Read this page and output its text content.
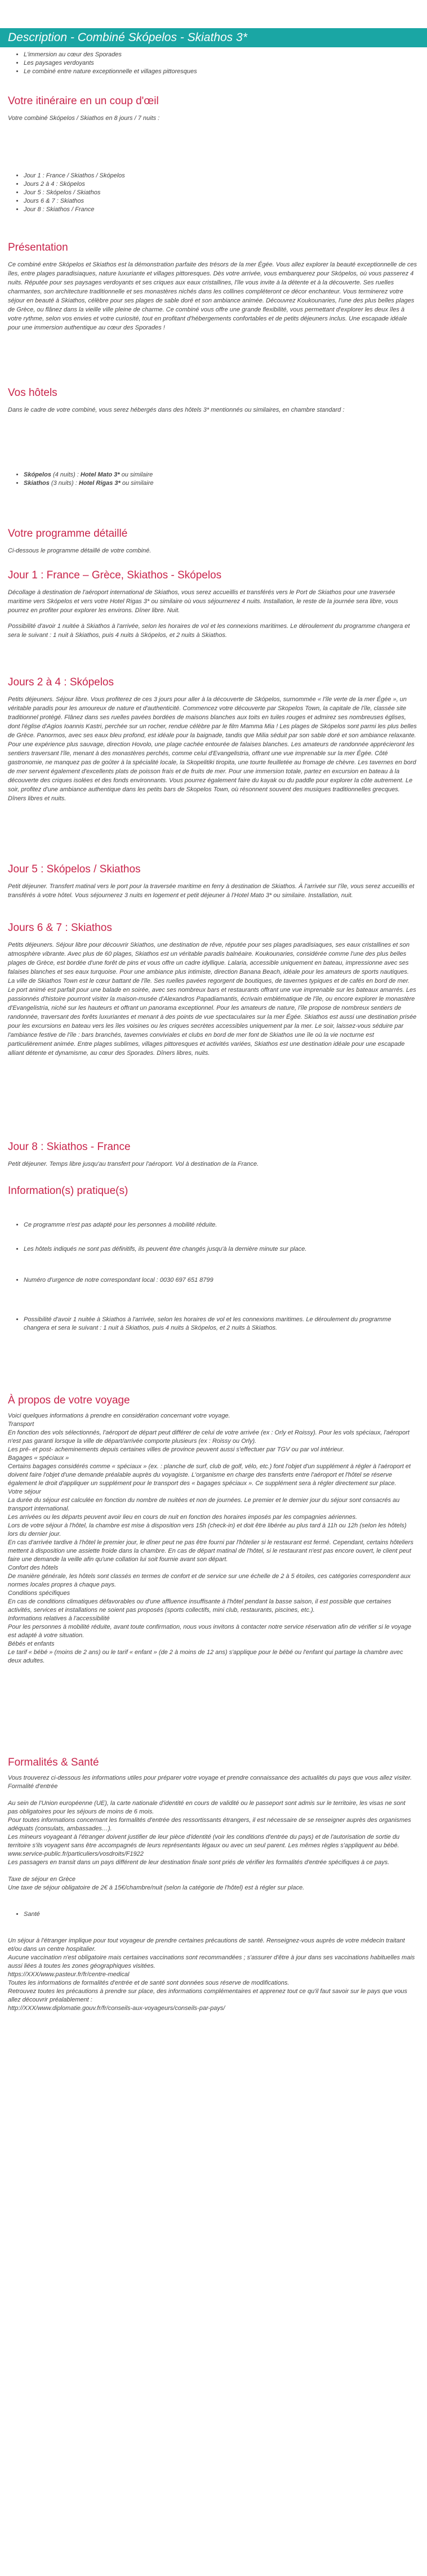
Description - Combiné Skópelos - Skiathos 3*
• L'immersion au cœur des Sporades
• Les paysages verdoyants
• Le combiné entre nature exceptionnelle et villages pittoresques
Votre itinéraire en un coup d'œil

Votre combiné Skópelos / Skiathos en 8 jours / 7 nuits :

• Jour 1 : France / Skiathos / Skópelos
• Jours 2 à 4 : Skópelos
• Jour 5 : Skópelos / Skiathos
• Jours 6 & 7 : Skiathos
• Jour 8 : Skiathos / France
Présentation

Ce combiné entre Skópelos et Skiathos est la démonstration parfaite des trésors de la mer Égée. Vous allez explorer la beauté exceptionnelle de ces îles, entre plages paradisiaques, nature luxuriante et villages pittoresques. Dès votre arrivée, vous embarquerez pour Skópelos, où vous passerez 4 nuits. Réputée pour ses paysages verdoyants et ses criques aux eaux cristallines, l'île vous invite à la détente et à la découverte. Ses ruelles charmantes, son architecture traditionnelle et ses monastères nichés dans les collines compléteront ce décor enchanteur. Vous terminerez votre séjour en beauté à Skiathos, célèbre pour ses plages de sable doré et son ambiance animée. Découvrez Koukounaries, l'une des plus belles plages de Grèce, ou flânez dans la vieille ville pleine de charme. Ce combiné vous offre une grande flexibilité, vous permettant d'explorer les deux îles à votre rythme, selon vos envies et votre curiosité, tout en profitant d'hébergements confortables et de petits déjeuners inclus. Une escapade idéale pour une immersion authentique au cœur des Sporades !

Vos hôtels

Dans le cadre de votre combiné, vous serez hébergés dans des hôtels 3* mentionnés ou similaires, en chambre standard :

• Skópelos (4 nuits) : Hotel Mato 3* ou similaire
• Skiathos (3 nuits) : Hotel Rigas 3* ou similaire
Votre programme détaillé

Ci-dessous le programme détaillé de votre combiné.

Jour 1 : France – Grèce, Skiathos - Skópelos

Décollage à destination de l'aéroport international de Skiathos, vous serez accueillis et transférés vers le Port de Skiathos pour une traversée maritime vers Skópelos et vers votre Hotel Rigas 3* ou similaire où vous séjournerez 4 nuits. Installation, le reste de la journée sera libre, vous pourrez en profiter pour explorer les environs. Dîner libre. Nuit.

Possibilité d'avoir 1 nuitée à Skiathos à l'arrivée, selon les horaires de vol et les connexions maritimes. Le déroulement du programme changera et sera le suivant : 1 nuit à Skiathos, puis 4 nuits à Skópelos, et 2 nuits à Skiathos.

Jours 2 à 4 : Skópelos

Petits déjeuners. Séjour libre. Vous profiterez de ces 3 jours pour aller à la découverte de Skópelos, surnommée « l'île verte de la mer Égée », un véritable paradis pour les amoureux de nature et d'authenticité. Commencez votre découverte par Skopelos Town, la capitale de l'île, classée site traditionnel protégé. Flânez dans ses ruelles pavées bordées de maisons blanches aux toits en tuiles rouges et admirez ses nombreuses églises, dont l'église d'Agios Ioannis Kastri, perchée sur un rocher, rendue célèbre par le film Mamma Mia ! Les plages de Skópelos sont parmi les plus belles de Grèce. Panormos, avec ses eaux bleu profond, est idéale pour la baignade, tandis que Milia séduit par son sable doré et son ambiance relaxante. Pour une expérience plus sauvage, direction Hovolo, une plage cachée entourée de falaises blanches. Les amateurs de randonnée apprécieront les sentiers traversant l'île, menant à des monastères perchés, comme celui d'Evangelistria, offrant une vue imprenable sur la mer Égée. Côté gastronomie, ne manquez pas de goûter à la spécialité locale, la Skopelitiki tiropita, une tourte feuilletée au fromage de chèvre. Les tavernes en bord de mer servent également d'excellents plats de poisson frais et de fruits de mer. Pour une immersion totale, partez en excursion en bateau à la découverte des criques isolées et des fonds environnants. Vous pourrez également faire du kayak ou du paddle pour explorer la côte autrement. Le soir, profitez d'une ambiance authentique dans les petits bars de Skopelos Town, où résonnent souvent des musiques traditionnelles grecques. Dîners libres et nuits.

Jour 5 : Skópelos / Skiathos

Petit déjeuner. Transfert matinal vers le port pour la traversée maritime en ferry à destination de Skiathos. À l'arrivée sur l'île, vous serez accueillis et transférés à votre hôtel. Vous séjournerez 3 nuits en logement et petit déjeuner à l'Hotel Mato 3* ou similaire. Installation, nuit.

Jours 6 & 7 : Skiathos

Petits déjeuners. Séjour libre pour découvrir Skiathos, une destination de rêve, réputée pour ses plages paradisiaques, ses eaux cristallines et son atmosphère vibrante. Avec plus de 60 plages, Skiathos est un véritable paradis balnéaire. Koukounaries, considérée comme l'une des plus belles plages de Grèce, est bordée d'une forêt de pins et vous offre un cadre idyllique. Lalaria, accessible uniquement en bateau, impressionne avec ses falaises blanches et ses eaux turquoise. Pour une ambiance plus intimiste, direction Banana Beach, idéale pour les amateurs de sports nautiques. La ville de Skiathos Town est le cœur battant de l'île. Ses ruelles pavées regorgent de boutiques, de tavernes typiques et de cafés en bord de mer. Le port animé est parfait pour une balade en soirée, avec ses nombreux bars et restaurants offrant une vue imprenable sur les bateaux amarrés. Les passionnés d'histoire pourront visiter la maison-musée d'Alexandros Papadiamantis, écrivain emblématique de l'île, ou encore explorer le monastère d'Evangelistria, niché sur les hauteurs et offrant un panorama exceptionnel. Pour les amateurs de nature, l'île propose de nombreux sentiers de randonnée, traversant des forêts luxuriantes et menant à des points de vue spectaculaires sur la mer Égée. Skiathos est aussi une destination prisée pour les excursions en bateau vers les îles voisines ou les criques secrètes accessibles uniquement par la mer. Le soir, laissez-vous séduire par l'ambiance festive de l'île : bars branchés, tavernes conviviales et clubs en bord de mer font de Skiathos une île où la vie nocturne est particulièrement animée. Entre plages sublimes, villages pittoresques et activités variées, Skiathos est une destination idéale pour une escapade alliant détente et dynamisme, au cœur des Sporades. Dîners libres, nuits.

Jour 8 : Skiathos - France

Petit déjeuner. Temps libre jusqu'au transfert pour l'aéroport. Vol à destination de la France.

Information(s) pratique(s)
• Ce programme n'est pas adapté pour les personnes à mobilité réduite.
• Les hôtels indiqués ne sont pas définitifs, ils peuvent être changés jusqu'à la dernière minute sur place.
• Numéro d'urgence de notre correspondant local : 0030 697 651 8799
• Possibilité d'avoir 1 nuitée à Skiathos à l'arrivée, selon les horaires de vol et les connexions maritimes. Le déroulement du programme changera et sera le suivant : 1 nuit à Skiathos, puis 4 nuits à Skópelos, et 2 nuits à Skiathos.
À propos de votre voyage

Voici quelques informations à prendre en considération concernant votre voyage.

Transport

En fonction des vols sélectionnés, l'aéroport de départ peut différer de celui de votre arrivée (ex : Orly et Roissy). Pour les vols spéciaux, l'aéroport n'est pas garanti lorsque la ville de départ/arrivée comporte plusieurs (ex : Roissy ou Orly).

Les pré- et post- acheminements depuis certaines villes de province peuvent aussi s'effectuer par TGV ou par vol intérieur.

Bagages « spéciaux »

Certains bagages considérés comme « spéciaux » (ex. : planche de surf, club de golf, vélo, etc.) font l'objet d'un supplément à régler à l'aéroport et doivent faire l'objet d'une demande préalable auprès du voyagiste. L'organisme en charge des transferts entre l'aéroport et l'hôtel se réserve également le droit d'appliquer un supplément pour le transport des « bagages spéciaux ». Ce supplément sera à régler directement sur place.

Votre séjour

La durée du séjour est calculée en fonction du nombre de nuitées et non de journées. Le premier et le dernier jour du séjour sont consacrés au transport international.

Les arrivées ou les départs peuvent avoir lieu en cours de nuit en fonction des horaires imposés par les compagnies aériennes.

Lors de votre séjour à l'hôtel, la chambre est mise à disposition vers 15h (check-in) et doit être libérée au plus tard à 11h ou 12h (selon les hôtels) lors du dernier jour.

En cas d'arrivée tardive à l'hôtel le premier jour, le dîner peut ne pas être fourni par l'hôtelier si le restaurant est fermé. Cependant, certains hôteliers mettent à disposition une assiette froide dans la chambre. En cas de départ matinal de l'hôtel, si le restaurant n'est pas encore ouvert, le client peut faire une demande la veille afin qu'une collation lui soit fournie avant son départ.

Confort des hôtels

De manière générale, les hôtels sont classés en termes de confort et de service sur une échelle de 2 à 5 étoiles, ces catégories correspondent aux normes locales propres à chaque pays.

Conditions spécifiques

En cas de conditions climatiques défavorables ou d'une affluence insuffisante à l'hôtel pendant la basse saison, il est possible que certaines activités, services et installations ne soient pas proposés (sports collectifs, mini club, restaurants, piscines, etc.).

Informations relatives à l'accessibilité

Pour les personnes à mobilité réduite, avant toute confirmation, nous vous invitons à contacter notre service réservation afin de vérifier si le voyage est adapté à votre situation.

Bébés et enfants

Le tarif « bébé » (moins de 2 ans) ou le tarif « enfant » (de 2 à moins de 12 ans) s'applique pour le bébé ou l'enfant qui partage la chambre avec deux adultes.

Formalités & Santé

Vous trouverez ci-dessous les informations utiles pour préparer votre voyage et prendre connaissance des actualités du pays que vous allez visiter.

Formalité d'entrée

Au sein de l'Union européenne (UE), la carte nationale d'identité en cours de validité ou le passeport sont admis sur le territoire, les visas ne sont pas obligatoires pour les séjours de moins de 6 mois.

Pour toutes informations concernant les formalités d'entrée des ressortissants étrangers, il est nécessaire de se renseigner auprès des organismes adéquats (consulats, ambassades…).

Les mineurs voyageant à l'étranger doivent justifier de leur pièce d'identité (voir les conditions d'entrée du pays) et de l'autorisation de sortie du territoire s'ils voyagent sans être accompagnés de leurs représentants légaux ou avec un seul parent. Les mêmes règles s'appliquent au bébé.

www.service-public.fr/particuliers/vosdroits/F1922

Les passagers en transit dans un pays différent de leur destination finale sont priés de vérifier les formalités d'entrée spécifiques à ce pays.

Taxe de séjour en Grèce

Une taxe de séjour obligatoire de 2€ à 15€/chambre/nuit (selon la catégorie de l'hôtel) est à régler sur place.

• Santé

Un séjour à l'étranger implique pour tout voyageur de prendre certaines précautions de santé. Renseignez-vous auprès de votre médecin traitant et/ou dans un centre hospitalier.

Aucune vaccination n'est obligatoire mais certaines vaccinations sont recommandées ; s'assurer d'être à jour dans ses vaccinations habituelles mais aussi liées à toutes les zones géographiques visitées.

https://XXX/www.pasteur.fr/fr/centre-medical

Toutes les informations de formalités d'entrée et de santé sont données sous réserve de modifications.

Retrouvez toutes les précautions à prendre sur place, des informations complémentaires et apprenez tout ce qu'il faut savoir sur le pays que vous allez découvrir préalablement :

http://XXX/www.diplomatie.gouv.fr/fr/conseils-aux-voyageurs/conseils-par-pays/
